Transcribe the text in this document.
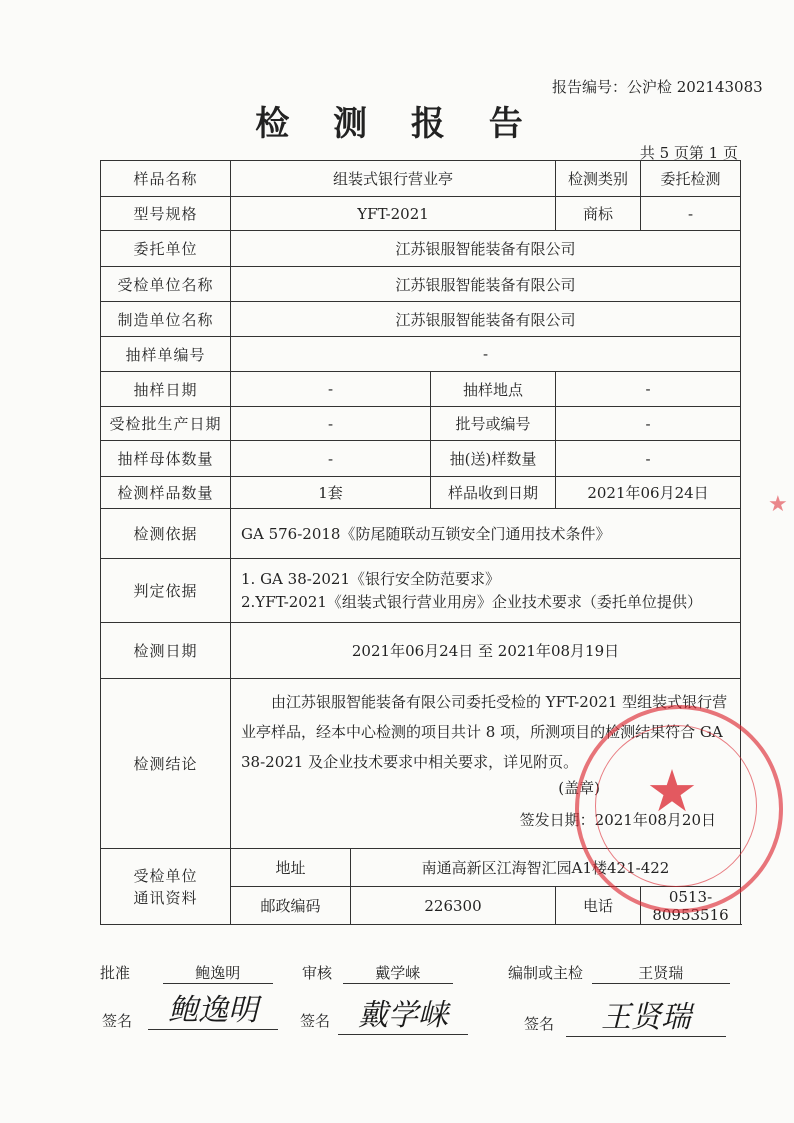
报告编号：公沪检 202143083
检 测 报 告
共 5 页第 1 页
样品名称	组装式银行营业亭			检测类别	委托检测
型号规格	YFT-2021			商标	-
委托单位	江苏银服智能装备有限公司				
受检单位名称	江苏银服智能装备有限公司				
制造单位名称	江苏银服智能装备有限公司				
抽样单编号	-				
抽样日期	-		抽样地点	-	
受检批生产日期	-		批号或编号	-	
抽样母体数量	-		抽(送)样数量	-	
检测样品数量	1套		样品收到日期	2021年06月24日	
检测依据	GA 576-2018《防尾随联动互锁安全门通用技术条件》				
判定依据	1. GA 38-2021《银行安全防范要求》
2.YFT-2021《组装式银行营业用房》企业技术要求（委托单位提供）				

检测日期	2021年06月24日 至 2021年08月19日				
检测结论	由江苏银服智能装备有限公司委托受检的 YFT-2021 型组装式银行营业亭样品，经本中心检测的项目共计 8 项，所测项目的检测结果符合 GA 38-2021 及企业技术要求中相关要求，详见附页。
(盖章)
签发日期：2021年08月20日				

受检单位
通讯资料	地址	南通高新区江海智汇园A1楼421-422			
	邮政编码	226300		电话	0513-80953516
★
★
批准	鲍逸明	审核	戴学崃	编制或主检	王贤瑞
签名	鲍逸明	签名 戴学崃	签名	王贤瑞
